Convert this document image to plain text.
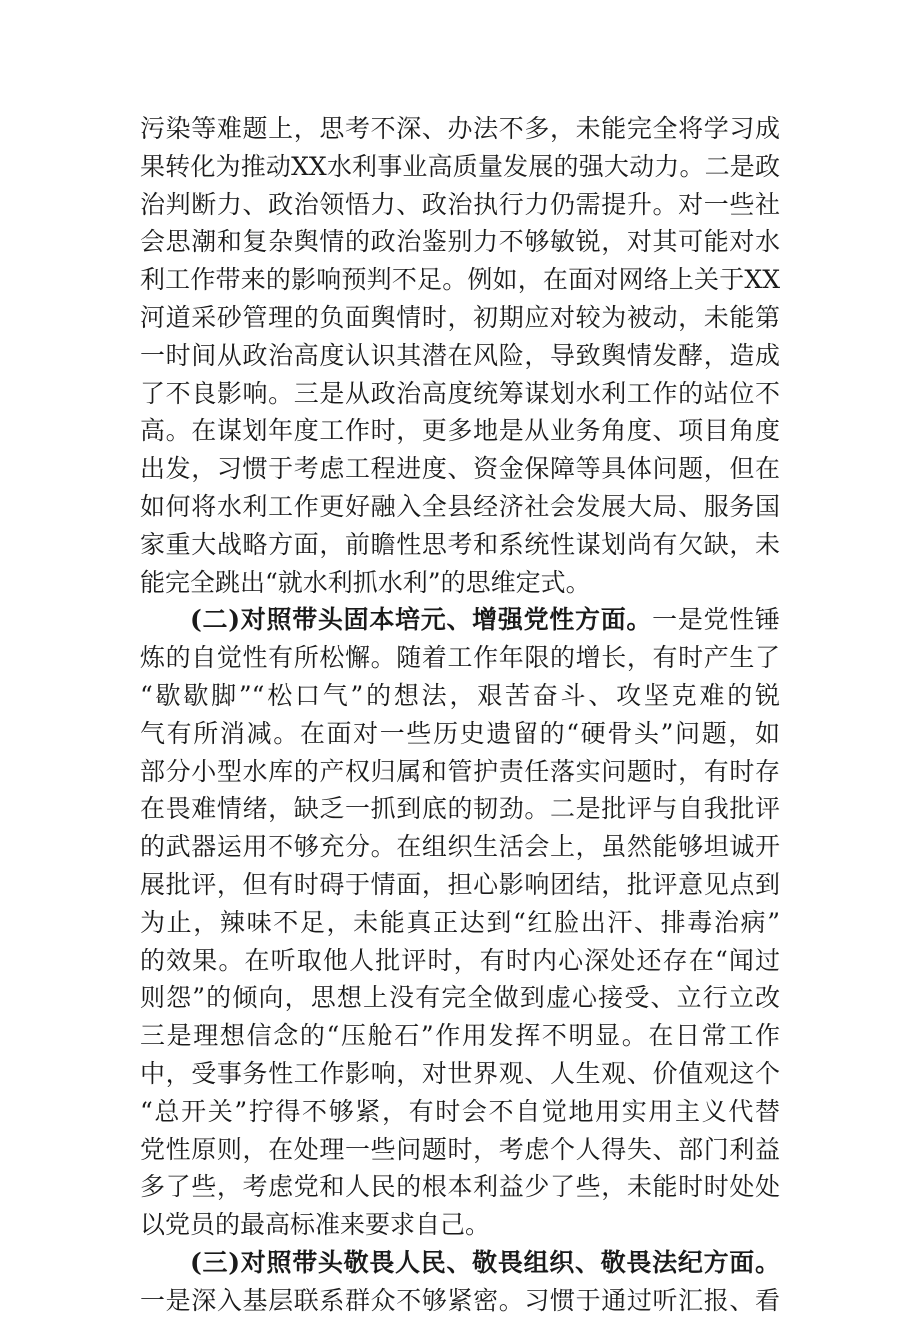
污染等难题上，思考不深、办法不多，未能完全将学习成
果转化为推动XX水利事业高质量发展的强大动力。二是政
治判断力、政治领悟力、政治执行力仍需提升。对一些社
会思潮和复杂舆情的政治鉴别力不够敏锐，对其可能对水
利工作带来的影响预判不足。例如，在面对网络上关于XX
河道采砂管理的负面舆情时，初期应对较为被动，未能第
一时间从政治高度认识其潜在风险，导致舆情发酵，造成
了不良影响。三是从政治高度统筹谋划水利工作的站位不
高。在谋划年度工作时，更多地是从业务角度、项目角度
出发，习惯于考虑工程进度、资金保障等具体问题，但在
如何将水利工作更好融入全县经济社会发展大局、服务国
家重大战略方面，前瞻性思考和系统性谋划尚有欠缺，未
能完全跳出“就水利抓水利”的思维定式。
(二)对照带头固本培元、增强党性方面。一是党性锤
炼的自觉性有所松懈。随着工作年限的增长，有时产生了
“歇歇脚”“松口气”的想法，艰苦奋斗、攻坚克难的锐
气有所消减。在面对一些历史遗留的“硬骨头”问题，如
部分小型水库的产权归属和管护责任落实问题时，有时存
在畏难情绪，缺乏一抓到底的韧劲。二是批评与自我批评
的武器运用不够充分。在组织生活会上，虽然能够坦诚开
展批评，但有时碍于情面，担心影响团结，批评意见点到
为止，辣味不足，未能真正达到“红脸出汗、排毒治病”
的效果。在听取他人批评时，有时内心深处还存在“闻过
则怨”的倾向，思想上没有完全做到虚心接受、立行立改
三是理想信念的“压舱石”作用发挥不明显。在日常工作
中，受事务性工作影响，对世界观、人生观、价值观这个
“总开关”拧得不够紧，有时会不自觉地用实用主义代替
党性原则，在处理一些问题时，考虑个人得失、部门利益
多了些，考虑党和人民的根本利益少了些，未能时时处处
以党员的最高标准来要求自己。
(三)对照带头敬畏人民、敬畏组织、敬畏法纪方面。
一是深入基层联系群众不够紧密。习惯于通过听汇报、看
